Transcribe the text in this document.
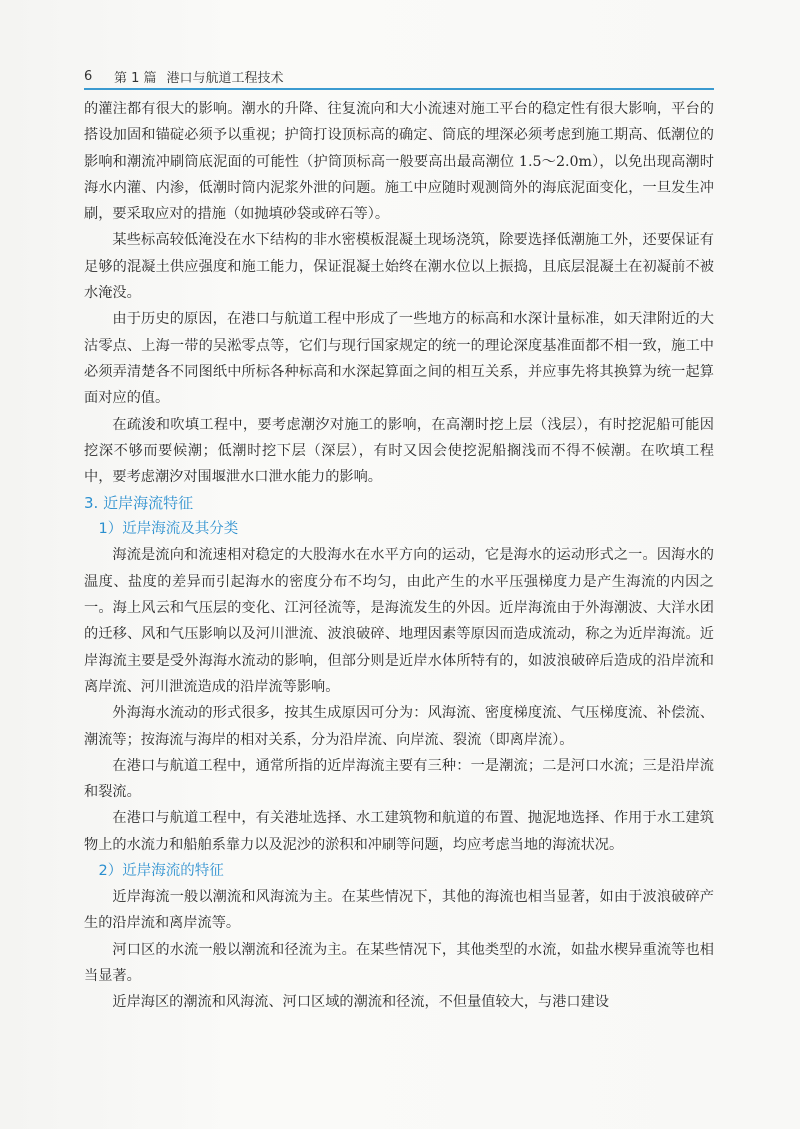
6	第 1 篇 港口与航道工程技术

的灌注都有很大的影响。潮水的升降、往复流向和大小流速对施工平台的稳定性有很大影响，平台的搭设加固和锚碇必须予以重视；护筒打设顶标高的确定、筒底的埋深必须考虑到施工期高、低潮位的影响和潮流冲刷筒底泥面的可能性（护筒顶标高一般要高出最高潮位 1.5～2.0m），以免出现高潮时海水内灌、内渗，低潮时筒内泥浆外泄的问题。施工中应随时观测筒外的海底泥面变化，一旦发生冲刷，要采取应对的措施（如抛填砂袋或碎石等）。

某些标高较低淹没在水下结构的非水密模板混凝土现场浇筑，除要选择低潮施工外，还要保证有足够的混凝土供应强度和施工能力，保证混凝土始终在潮水位以上振捣，且底层混凝土在初凝前不被水淹没。

由于历史的原因，在港口与航道工程中形成了一些地方的标高和水深计量标准，如天津附近的大沽零点、上海一带的吴淞零点等，它们与现行国家规定的统一的理论深度基准面都不相一致，施工中必须弄清楚各不同图纸中所标各种标高和水深起算面之间的相互关系，并应事先将其换算为统一起算面对应的值。

在疏浚和吹填工程中，要考虑潮汐对施工的影响，在高潮时挖上层（浅层），有时挖泥船可能因挖深不够而要候潮；低潮时挖下层（深层），有时又因会使挖泥船搁浅而不得不候潮。在吹填工程中，要考虑潮汐对围堰泄水口泄水能力的影响。

3. 近岸海流特征
1）近岸海流及其分类

海流是流向和流速相对稳定的大股海水在水平方向的运动，它是海水的运动形式之一。因海水的温度、盐度的差异而引起海水的密度分布不均匀，由此产生的水平压强梯度力是产生海流的内因之一。海上风云和气压层的变化、江河径流等，是海流发生的外因。近岸海流由于外海潮波、大洋水团的迁移、风和气压影响以及河川泄流、波浪破碎、地理因素等原因而造成流动，称之为近岸海流。近岸海流主要是受外海海水流动的影响，但部分则是近岸水体所特有的，如波浪破碎后造成的沿岸流和离岸流、河川泄流造成的沿岸流等影响。

外海海水流动的形式很多，按其生成原因可分为：风海流、密度梯度流、气压梯度流、补偿流、潮流等；按海流与海岸的相对关系，分为沿岸流、向岸流、裂流（即离岸流）。

在港口与航道工程中，通常所指的近岸海流主要有三种：一是潮流；二是河口水流；三是沿岸流和裂流。

在港口与航道工程中，有关港址选择、水工建筑物和航道的布置、抛泥地选择、作用于水工建筑物上的水流力和船舶系靠力以及泥沙的淤积和冲刷等问题，均应考虑当地的海流状况。

2）近岸海流的特征

近岸海流一般以潮流和风海流为主。在某些情况下，其他的海流也相当显著，如由于波浪破碎产生的沿岸流和离岸流等。

河口区的水流一般以潮流和径流为主。在某些情况下，其他类型的水流，如盐水楔异重流等也相当显著。

近岸海区的潮流和风海流、河口区域的潮流和径流，不但量值较大，与港口建设
